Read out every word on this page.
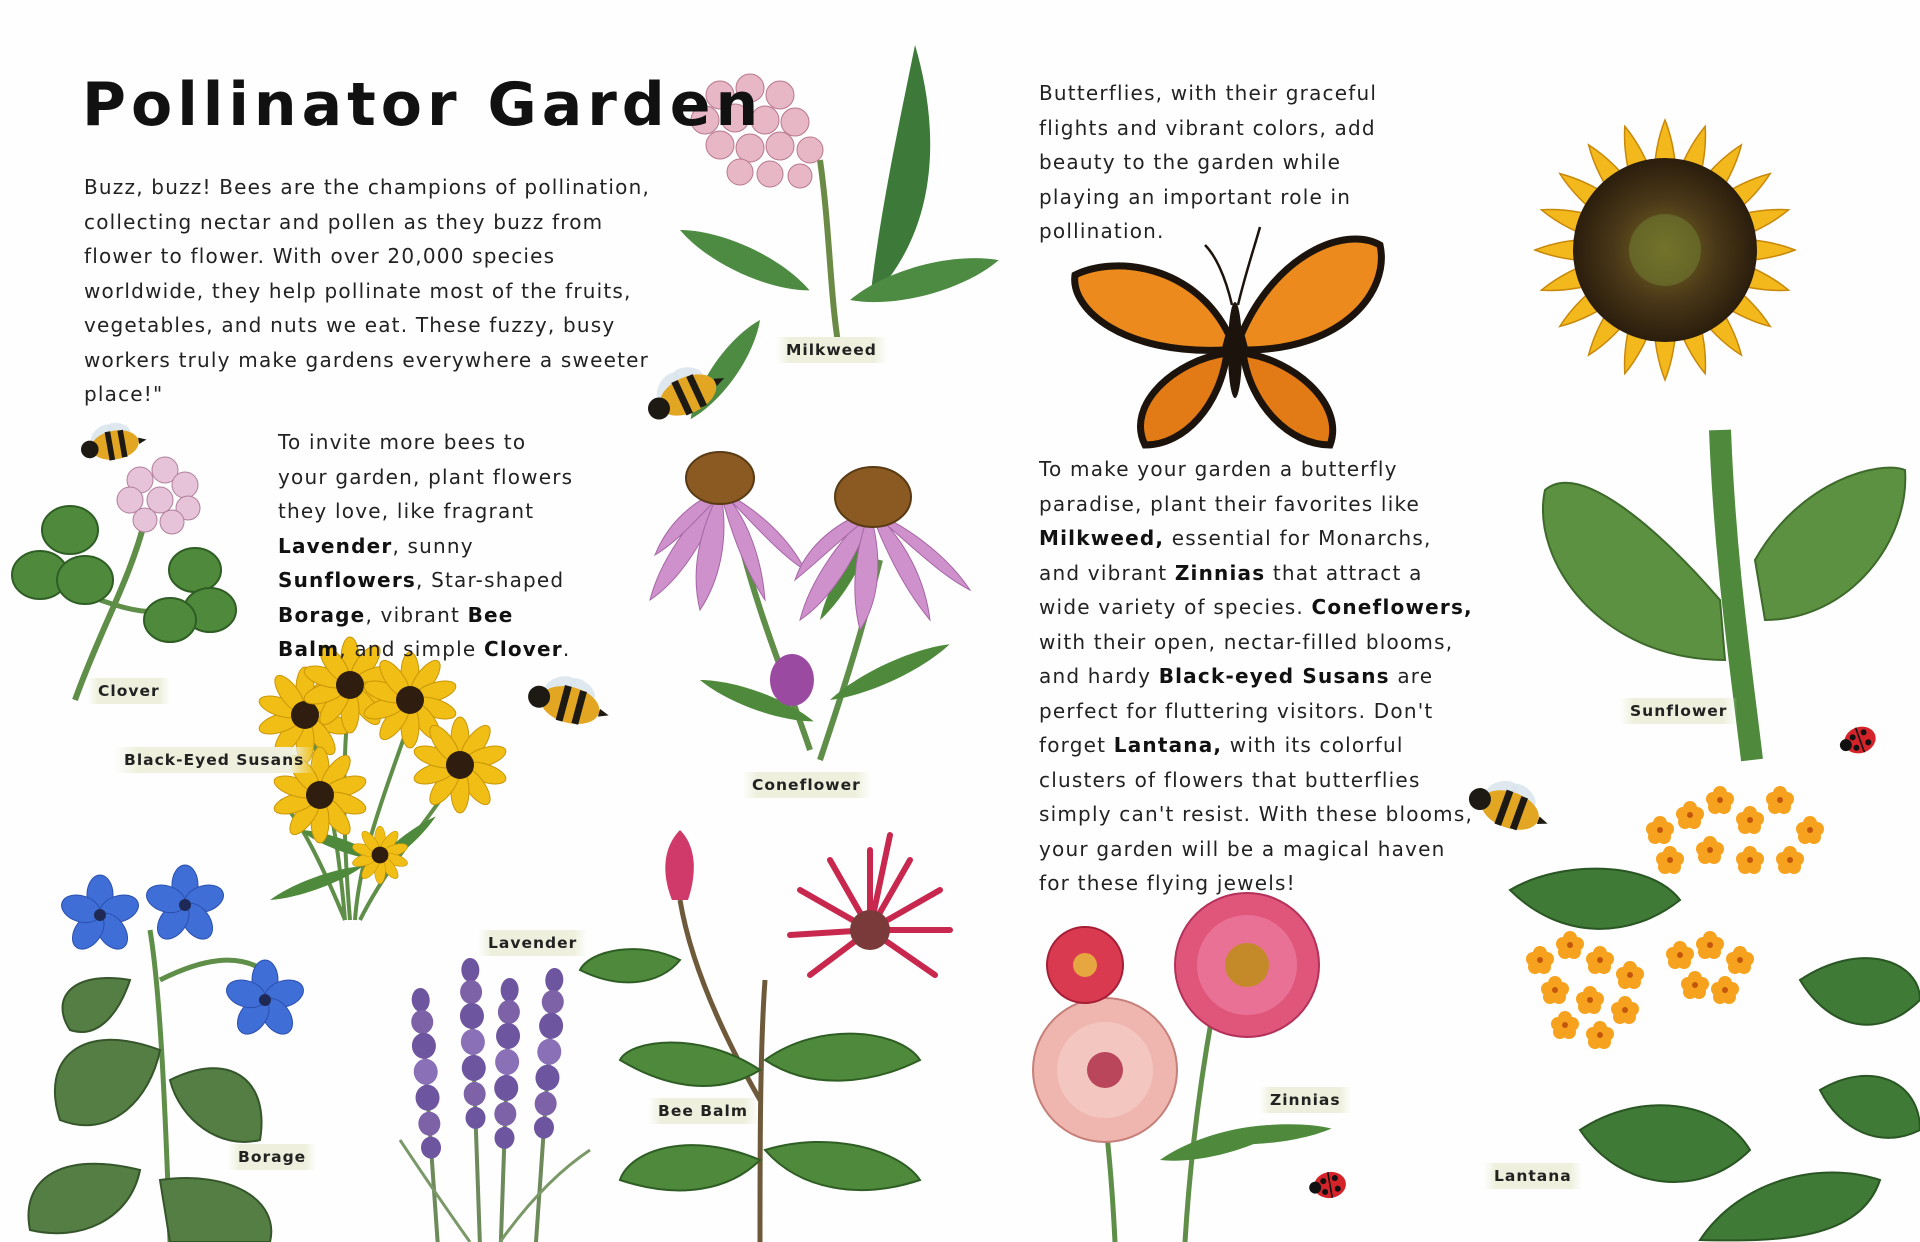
Pollinator Garden

Buzz, buzz! Bees are the champions of pollination, collecting nectar and pollen as they buzz from flower to flower. With over 20,000 species worldwide, they help pollinate most of the fruits, vegetables, and nuts we eat. These fuzzy, busy workers truly make gardens everywhere a sweeter place!"

To invite more bees to your garden, plant flowers they love, like fragrant Lavender, sunny Sunflowers, Star-shaped Borage, vibrant Bee Balm, and simple Clover.

Butterflies, with their graceful flights and vibrant colors, add beauty to the garden while playing an important role in pollination.

To make your garden a butterfly paradise, plant their favorites like Milkweed, essential for Monarchs, and vibrant Zinnias that attract a wide variety of species. Coneflowers, with their open, nectar-filled blooms, and hardy Black-eyed Susans are perfect for fluttering visitors. Don't forget Lantana, with its colorful clusters of flowers that butterflies simply can't resist. With these blooms, your garden will be a magical haven for these flying jewels!

Milkweed
Clover
Black-Eyed Susans
Coneflower
Lavender
Bee Balm
Borage
Zinnias
Sunflower
Lantana
